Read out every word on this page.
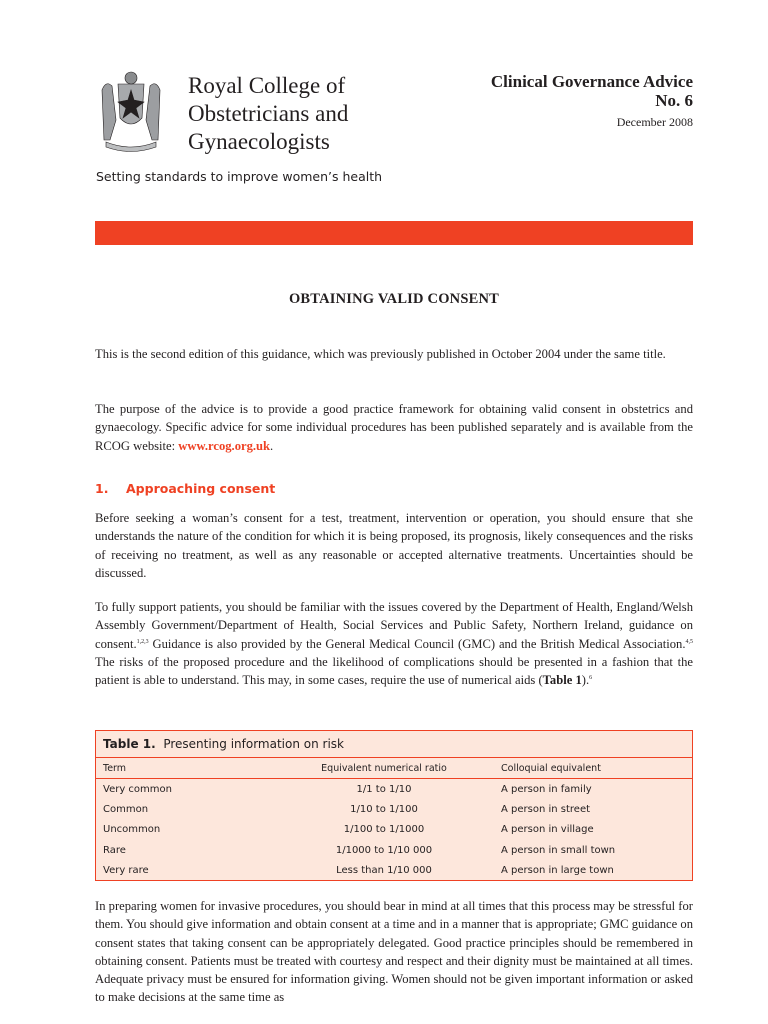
Royal College of
Obstetricians and
Gynaecologists
Setting standards to improve women’s health
Clinical Governance Advice
No. 6
December 2008
OBTAINING VALID CONSENT
This is the second edition of this guidance, which was previously published in October 2004 under the same title.
The purpose of the advice is to provide a good practice framework for obtaining valid consent in obstetrics and gynaecology. Specific advice for some individual procedures has been published separately and is available from the RCOG website: www.rcog.org.uk.
1. Approaching consent
Before seeking a woman’s consent for a test, treatment, intervention or operation, you should ensure that she understands the nature of the condition for which it is being proposed, its prognosis, likely consequences and the risks of receiving no treatment, as well as any reasonable or accepted alternative treatments. Uncertainties should be discussed.
To fully support patients, you should be familiar with the issues covered by the Department of Health, England/Welsh Assembly Government/Department of Health, Social Services and Public Safety, Northern Ireland, guidance on consent.$^{1,2,3}$ Guidance is also provided by the General Medical Council (GMC) and the British Medical Association.$^{4,5}$ The risks of the proposed procedure and the likelihood of complications should be presented in a fashion that the patient is able to understand. This may, in some cases, require the use of numerical aids (Table 1).$^6$
Table 1. Presenting information on risk
Term	Equivalent numerical ratio	Colloquial equivalent
Very common	1/1 to 1/10	A person in family
Common	1/10 to 1/100	A person in street
Uncommon	1/100 to 1/1000	A person in village
Rare	1/1000 to 1/10 000	A person in small town
Very rare	Less than 1/10 000	A person in large town
In preparing women for invasive procedures, you should bear in mind at all times that this process may be stressful for them. You should give information and obtain consent at a time and in a manner that is appropriate; GMC guidance on consent states that taking consent can be appropriately delegated. Good practice principles should be remembered in obtaining consent. Patients must be treated with courtesy and respect and their dignity must be maintained at all times. Adequate privacy must be ensured for information giving. Women should not be given important information or asked to make decisions at the same time as
